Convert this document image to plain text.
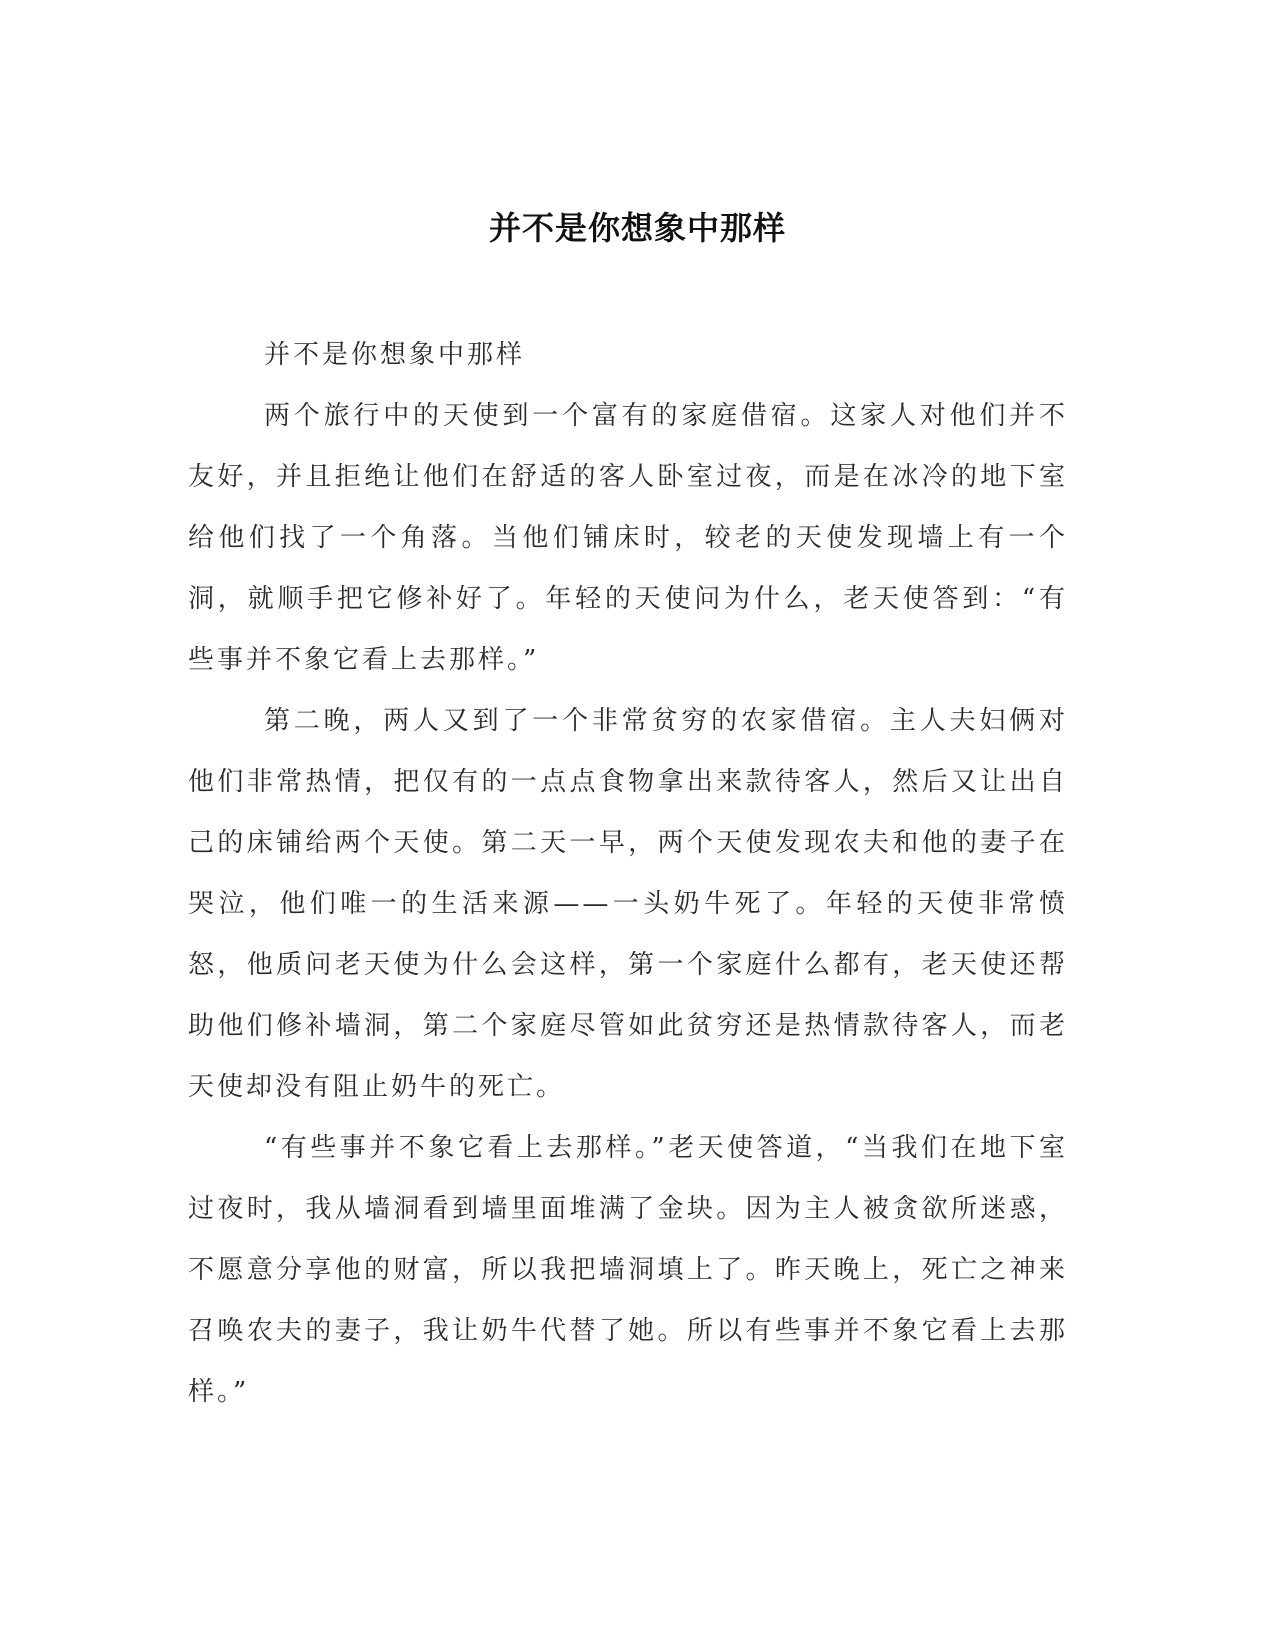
并不是你想象中那样

并不是你想象中那样

两个旅行中的天使到一个富有的家庭借宿。这家人对他们并不友好，并且拒绝让他们在舒适的客人卧室过夜，而是在冰冷的地下室给他们找了一个角落。当他们铺床时，较老的天使发现墙上有一个洞，就顺手把它修补好了。年轻的天使问为什么，老天使答到：“有些事并不象它看上去那样。”

第二晚，两人又到了一个非常贫穷的农家借宿。主人夫妇俩对他们非常热情，把仅有的一点点食物拿出来款待客人，然后又让出自己的床铺给两个天使。第二天一早，两个天使发现农夫和他的妻子在哭泣，他们唯一的生活来源——一头奶牛死了。年轻的天使非常愤怒，他质问老天使为什么会这样，第一个家庭什么都有，老天使还帮助他们修补墙洞，第二个家庭尽管如此贫穷还是热情款待客人，而老天使却没有阻止奶牛的死亡。

“有些事并不象它看上去那样。”老天使答道，“当我们在地下室过夜时，我从墙洞看到墙里面堆满了金块。因为主人被贪欲所迷惑，不愿意分享他的财富，所以我把墙洞填上了。昨天晚上，死亡之神来召唤农夫的妻子，我让奶牛代替了她。所以有些事并不象它看上去那样。”
